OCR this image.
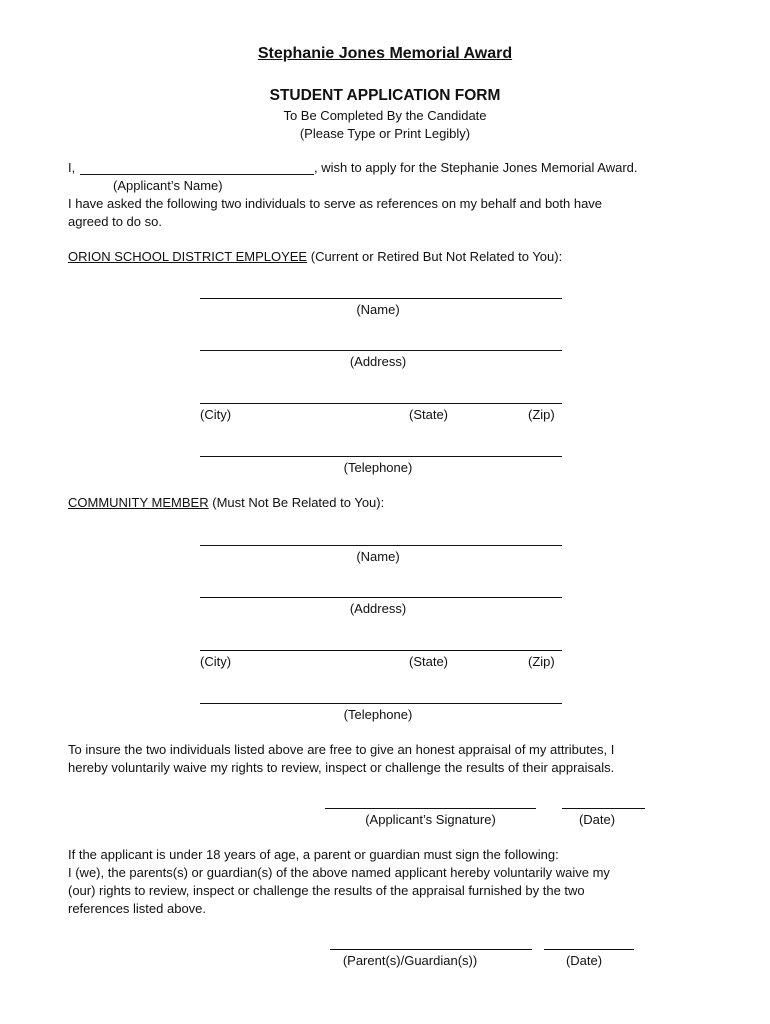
Stephanie Jones Memorial Award
STUDENT APPLICATION FORM
To Be Completed By the Candidate
(Please Type or Print Legibly)
I,	, wish to apply for the Stephanie Jones Memorial Award.
(Applicant’s Name)
I have asked the following two individuals to serve as references on my behalf and both have
agreed to do so.
ORION SCHOOL DISTRICT EMPLOYEE (Current or Retired But Not Related to You):
(Name)
(Address)
(City)	(State)	(Zip)
(Telephone)
COMMUNITY MEMBER (Must Not Be Related to You):
(Name)
(Address)
(City)	(State)	(Zip)
(Telephone)
To insure the two individuals listed above are free to give an honest appraisal of my attributes, I
hereby voluntarily waive my rights to review, inspect or challenge the results of their appraisals.
(Applicant’s Signature)	(Date)
If the applicant is under 18 years of age, a parent or guardian must sign the following:
I (we), the parents(s) or guardian(s) of the above named applicant hereby voluntarily waive my
(our) rights to review, inspect or challenge the results of the appraisal furnished by the two
references listed above.
(Parent(s)/Guardian(s))	(Date)
